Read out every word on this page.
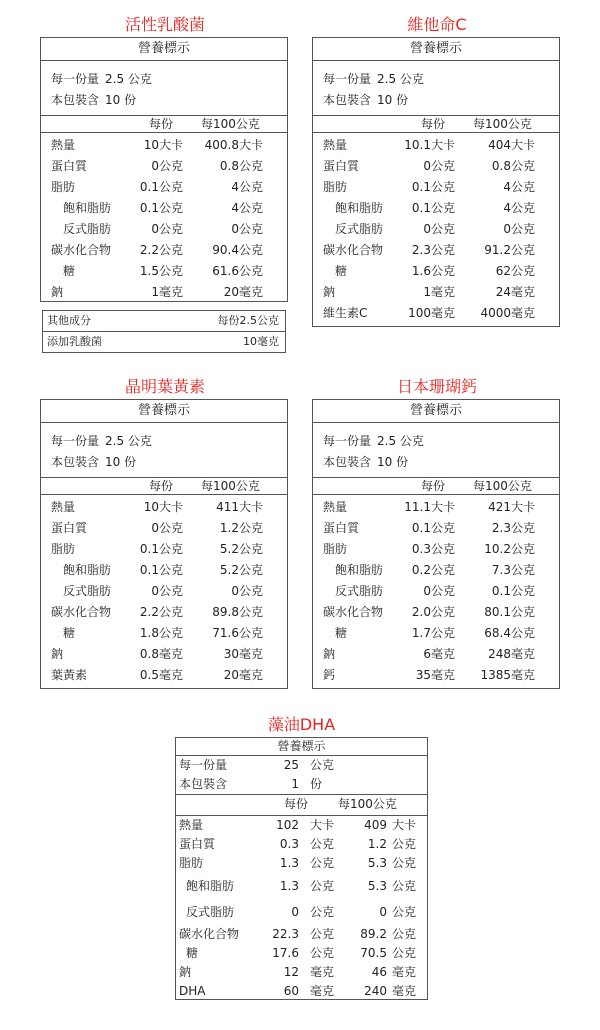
活性乳酸菌
營養標示
每一份量 2.5 公克
本包裝含 10 份
每份 每100公克
熱量	10大卡 400.8大卡
蛋白質	0公克	0.8公克
脂肪	0.1公克	4公克
飽和脂肪 0.1公克	4公克
反式脂肪	0公克	0公克
碳水化合物 2.2公克 90.4公克
糖	1.5公克 61.6公克
鈉	1毫克	20毫克
其他成分	每份2.5公克
添加乳酸菌	10毫克
維他命C
營養標示
每一份量 2.5 公克
本包裝含 10 份
每份 每100公克
熱量	10.1大卡	404大卡
蛋白質	0公克	0.8公克
脂肪	0.1公克	4公克
飽和脂肪 0.1公克	4公克
反式脂肪	0公克	0公克
碳水化合物 2.3公克 91.2公克
糖	1.6公克	62公克
鈉	1毫克	24毫克
維生素C	100毫克 4000毫克
晶明葉黃素
營養標示
每一份量 2.5 公克
本包裝含 10 份
每份 每100公克
熱量	10大卡	411大卡
蛋白質	0公克	1.2公克
脂肪	0.1公克	5.2公克
飽和脂肪 0.1公克	5.2公克
反式脂肪	0公克	0公克
碳水化合物 2.2公克 89.8公克
糖	1.8公克 71.6公克
鈉	0.8毫克	30毫克
葉黃素	0.5毫克	20毫克
日本珊瑚鈣
營養標示
每一份量 2.5 公克
本包裝含 10 份
每份 每100公克
熱量	11.1大卡	421大卡
蛋白質	0.1公克	2.3公克
脂肪	0.3公克 10.2公克
飽和脂肪 0.2公克	7.3公克
反式脂肪	0公克	0.1公克
碳水化合物 2.0公克 80.1公克
糖	1.7公克 68.4公克
鈉	6毫克	248毫克
鈣	35毫克 1385毫克
藻油DHA
營養標示
每一份量	25 公克
本包裝含	1 份
每份 每100公克
熱量	102 大卡	409 大卡
蛋白質	0.3 公克	1.2 公克
脂肪	1.3 公克	5.3 公克
飽和脂肪	1.3 公克	5.3 公克
反式脂肪	0 公克	0 公克
碳水化合物	22.3 公克 89.2 公克
糖	17.6 公克 70.5 公克
鈉	12 毫克	46 毫克
DHA	60 毫克	240 毫克
